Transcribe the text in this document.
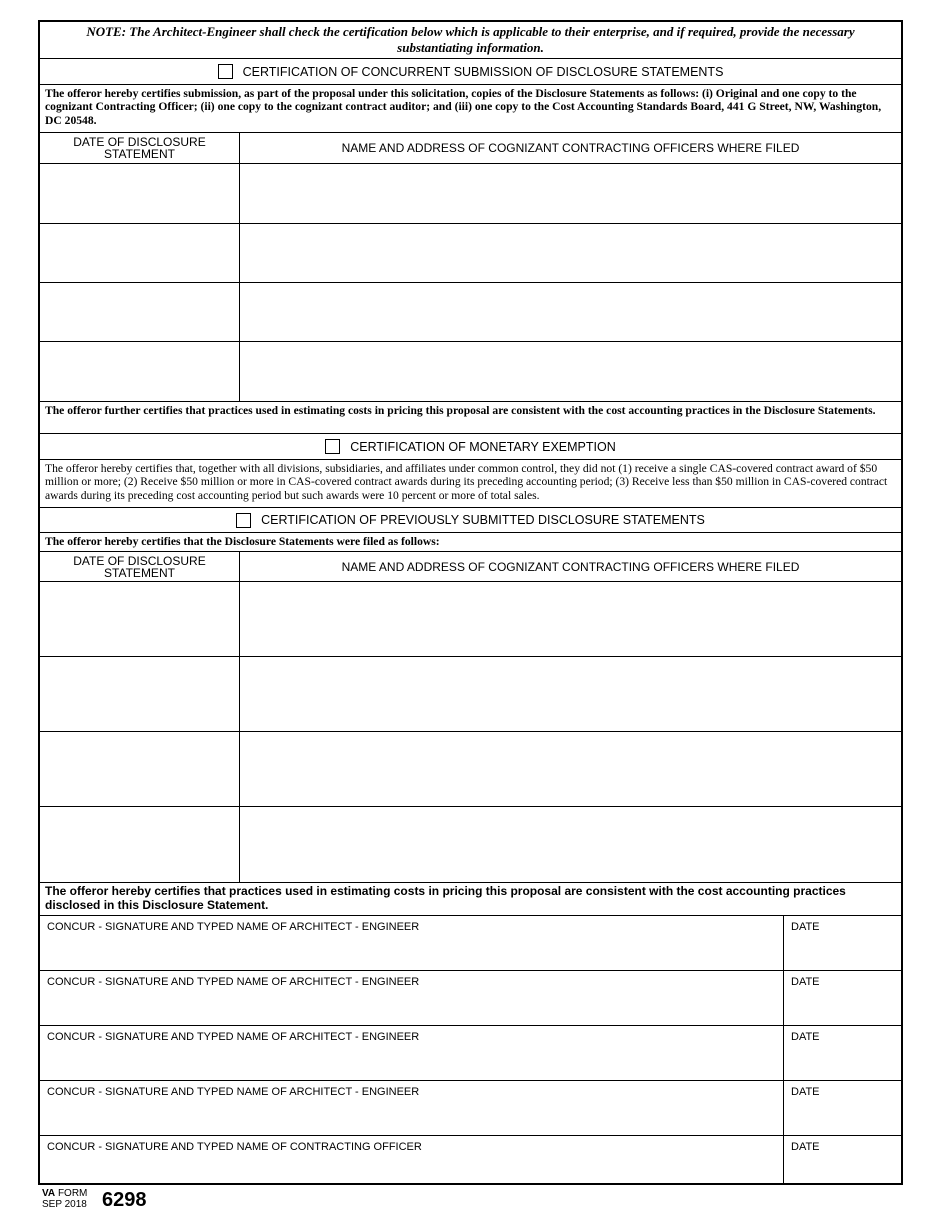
NOTE: The Architect-Engineer shall check the certification below which is applicable to their enterprise, and if required, provide the necessary substantiating information.
CERTIFICATION OF CONCURRENT SUBMISSION OF DISCLOSURE STATEMENTS
The offeror hereby certifies submission, as part of the proposal under this solicitation, copies of the Disclosure Statements as follows: (i) Original and one copy to the cognizant Contracting Officer; (ii) one copy to the cognizant contract auditor; and (iii) one copy to the Cost Accounting Standards Board, 441 G Street, NW, Washington, DC 20548.
DATE OF DISCLOSURE STATEMENT	NAME AND ADDRESS OF COGNIZANT CONTRACTING OFFICERS WHERE FILED
The offeror further certifies that practices used in estimating costs in pricing this proposal are consistent with the cost accounting practices in the Disclosure Statements.
CERTIFICATION OF MONETARY EXEMPTION
The offeror hereby certifies that, together with all divisions, subsidiaries, and affiliates under common control, they did not (1) receive a single CAS-covered contract award of $50 million or more; (2) Receive $50 million or more in CAS-covered contract awards during its preceding accounting period; (3) Receive less than $50 million in CAS-covered contract awards during its preceding cost accounting period but such awards were 10 percent or more of total sales.
CERTIFICATION OF PREVIOUSLY SUBMITTED DISCLOSURE STATEMENTS
The offeror hereby certifies that the Disclosure Statements were filed as follows:
DATE OF DISCLOSURE STATEMENT	NAME AND ADDRESS OF COGNIZANT CONTRACTING OFFICERS WHERE FILED
The offeror hereby certifies that practices used in estimating costs in pricing this proposal are consistent with the cost accounting practices disclosed in this Disclosure Statement.
CONCUR - SIGNATURE AND TYPED NAME OF ARCHITECT - ENGINEER	DATE
CONCUR - SIGNATURE AND TYPED NAME OF ARCHITECT - ENGINEER	DATE
CONCUR - SIGNATURE AND TYPED NAME OF ARCHITECT - ENGINEER	DATE
CONCUR - SIGNATURE AND TYPED NAME OF ARCHITECT - ENGINEER	DATE
CONCUR - SIGNATURE AND TYPED NAME OF CONTRACTING OFFICER	DATE
VA FORM
SEP 2018 6298
